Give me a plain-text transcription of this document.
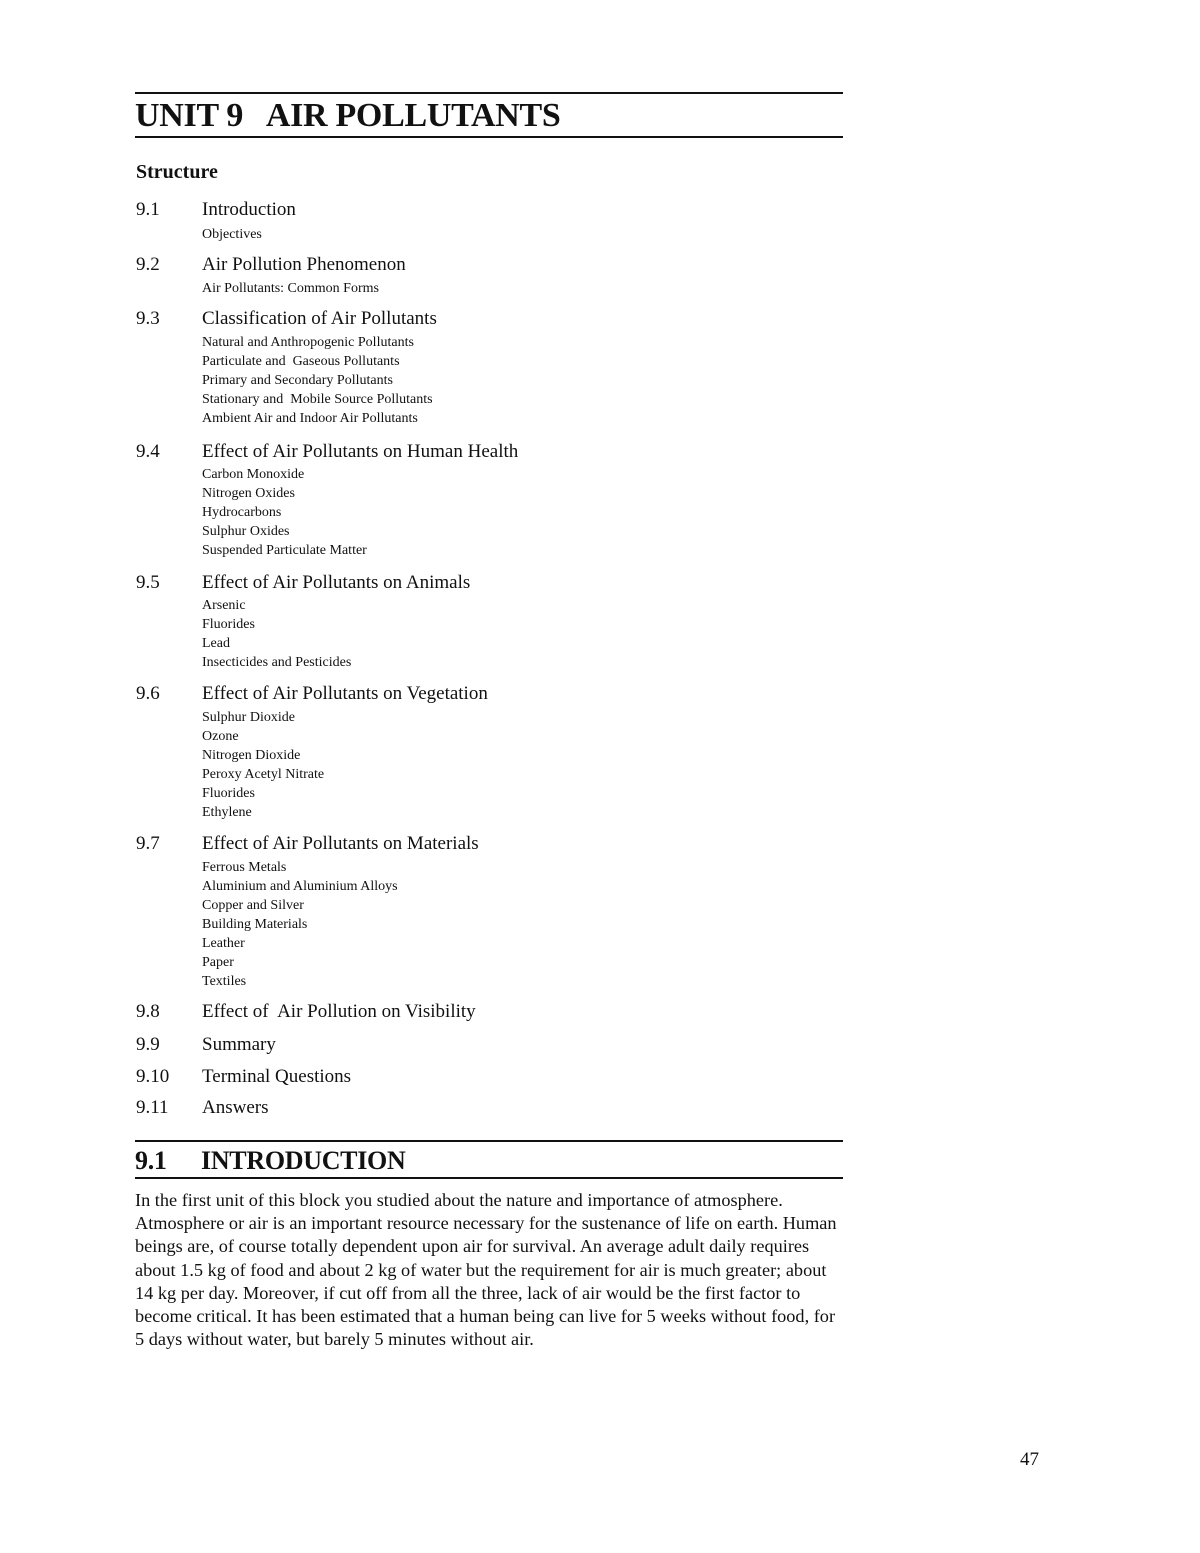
UNIT 9   AIR POLLUTANTS
Structure
9.1 Introduction
Objectives
9.2 Air Pollution Phenomenon
Air Pollutants: Common Forms
9.3 Classification of Air Pollutants
Natural and Anthropogenic Pollutants
Particulate and  Gaseous Pollutants
Primary and Secondary Pollutants
Stationary and  Mobile Source Pollutants
Ambient Air and Indoor Air Pollutants
9.4 Effect of Air Pollutants on Human Health
Carbon Monoxide
Nitrogen Oxides
Hydrocarbons
Sulphur Oxides
Suspended Particulate Matter
9.5 Effect of Air Pollutants on Animals
Arsenic
Fluorides
Lead
Insecticides and Pesticides
9.6 Effect of Air Pollutants on Vegetation
Sulphur Dioxide
Ozone
Nitrogen Dioxide
Peroxy Acetyl Nitrate
Fluorides
Ethylene
9.7 Effect of Air Pollutants on Materials
Ferrous Metals
Aluminium and Aluminium Alloys
Copper and Silver
Building Materials
Leather
Paper
Textiles
9.8 Effect of  Air Pollution on Visibility
9.9 Summary
9.10 Terminal Questions
9.11 Answers
9.1 INTRODUCTION

In the first unit of this block you studied about the nature and importance of atmosphere. Atmosphere or air is an important resource necessary for the sustenance of life on earth. Human beings are, of course totally dependent upon air for survival. An average adult daily requires about 1.5 kg of food and about 2 kg of water but the requirement for air is much greater; about 14 kg per day. Moreover, if cut off from all the three, lack of air would be the first factor to become critical. It has been estimated that a human being can live for 5 weeks without food, for 5 days without water, but barely 5 minutes without air.

47
